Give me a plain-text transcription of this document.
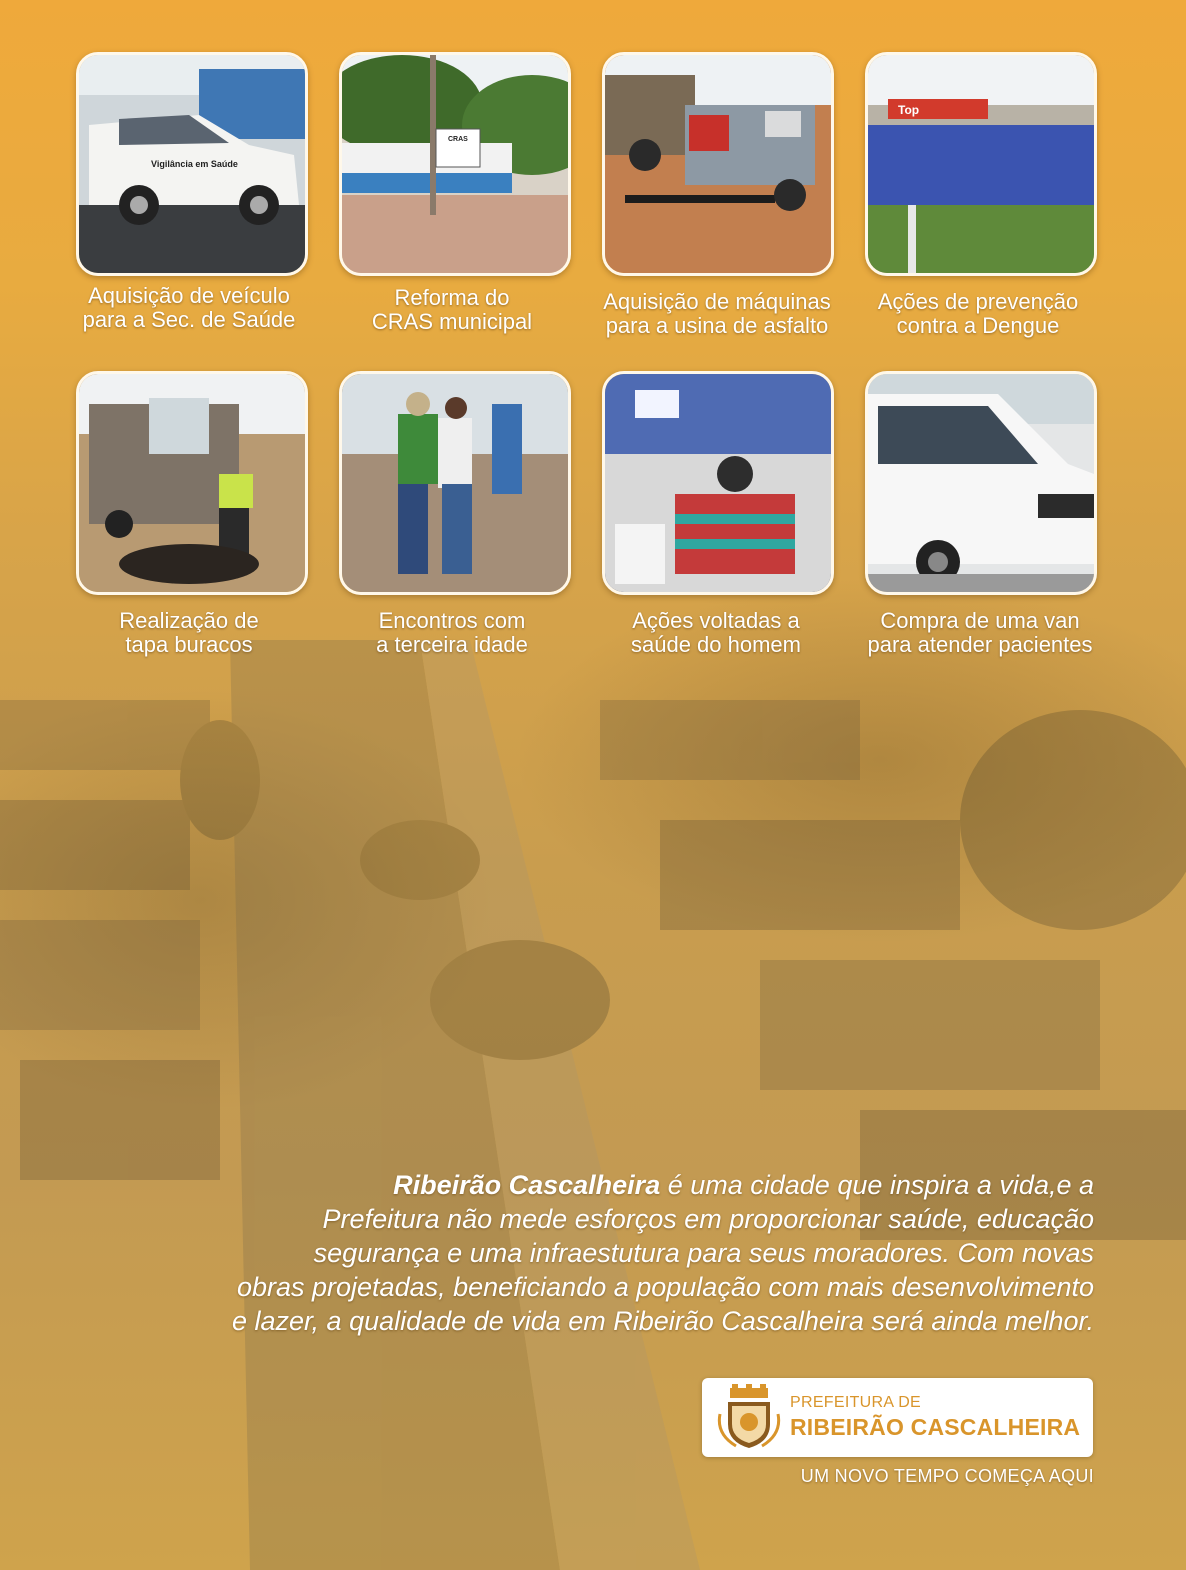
Vigilância em Saúde
CRAS
Top
Aquisição de veículo
para a Sec. de Saúde
Reforma do
CRAS municipal
Aquisição de máquinas
para a usina de asfalto
Ações de prevenção
contra a Dengue
Realização de
tapa buracos
Encontros com
a terceira idade
Ações voltadas a
saúde do homem
Compra de uma van
para atender pacientes
Ribeirão Cascalheira é uma cidade que inspira a vida,e a
Prefeitura não mede esforços em proporcionar saúde, educação
segurança e uma infraestutura para seus moradores. Com novas
obras projetadas, beneficiando a população com mais desenvolvimento
e lazer, a qualidade de vida em Ribeirão Cascalheira será ainda melhor.
PREFEITURA DE
RIBEIRÃO CASCALHEIRA
UM NOVO TEMPO COMEÇA AQUI
